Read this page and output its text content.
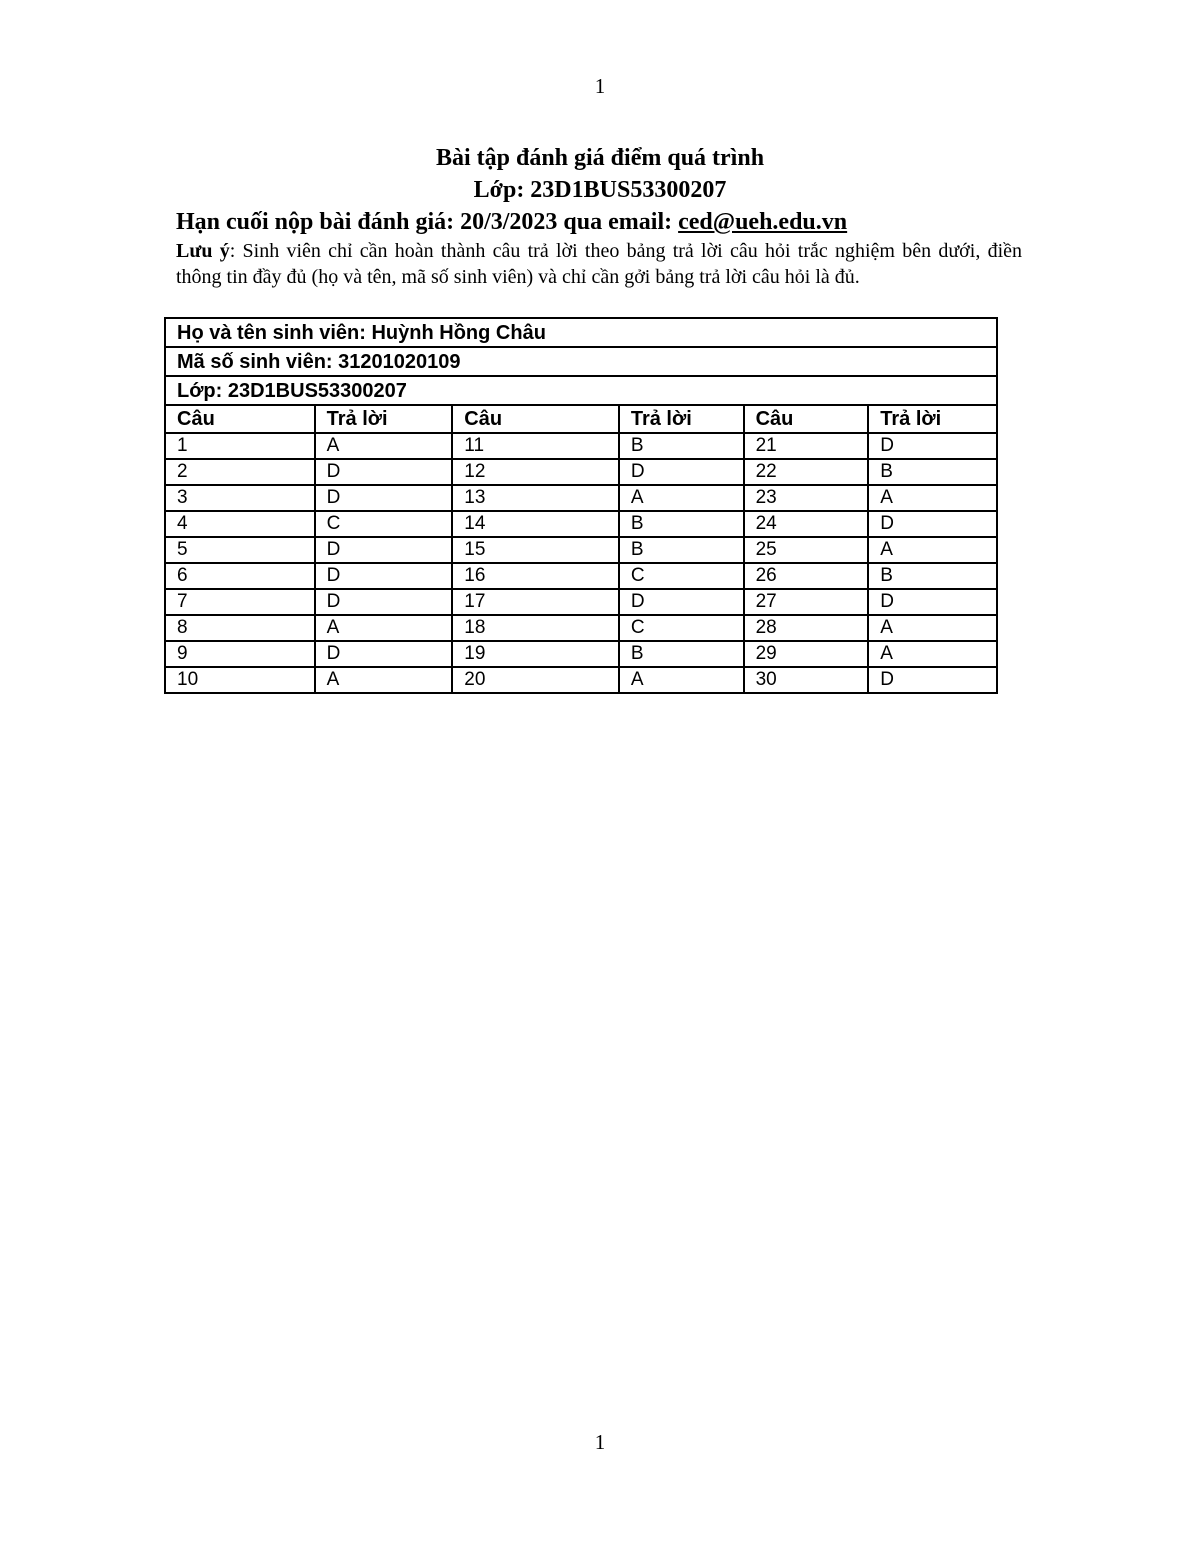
1
Bài tập đánh giá điểm quá trình
Lớp: 23D1BUS53300207
Hạn cuối nộp bài đánh giá: 20/3/2023 qua email: ced@ueh.edu.vn
Lưu ý: Sinh viên chỉ cần hoàn thành câu trả lời theo bảng trả lời câu hỏi trắc nghiệm bên dưới, điền thông tin đầy đủ (họ và tên, mã số sinh viên) và chỉ cần gởi bảng trả lời câu hỏi là đủ.
Họ và tên sinh viên: Huỳnh Hồng Châu					
Mã số sinh viên: 31201020109					
Lớp: 23D1BUS53300207					
Câu	Trả lời	Câu	Trả lời	Câu	Trả lời
1	A	11	B	21	D
2	D	12	D	22	B
3	D	13	A	23	A
4	C	14	B	24	D
5	D	15	B	25	A
6	D	16	C	26	B
7	D	17	D	27	D
8	A	18	C	28	A
9	D	19	B	29	A
10	A	20	A	30	D
1
